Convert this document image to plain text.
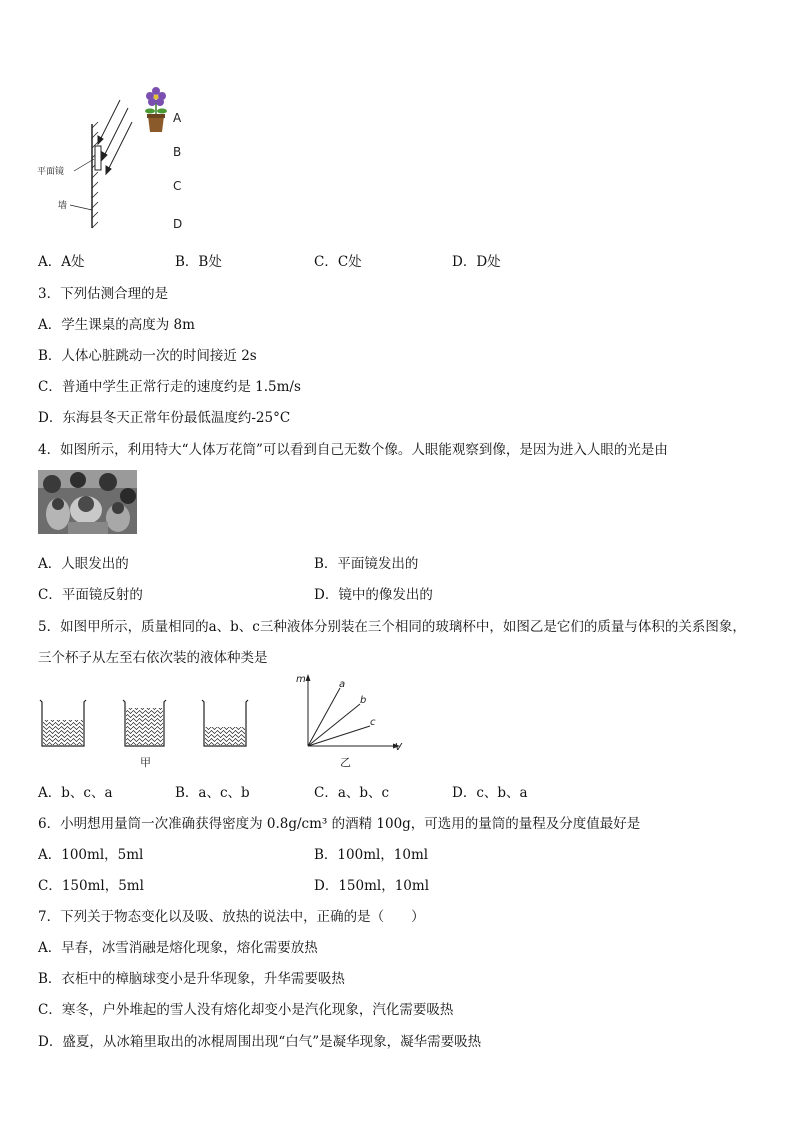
平面镜
墙
A
B
C
D
A．A处	B．B处	C．C处	D．D处
3．下列估测合理的是
A．学生课桌的高度为 8m
B．人体心脏跳动一次的时间接近 2s
C．普通中学生正常行走的速度约是 1.5m/s
D．东海县冬天正常年份最低温度约-25°C
4．如图所示，利用特大“人体万花筒”可以看到自己无数个像。人眼能观察到像，是因为进入人眼的光是由
A．人眼发出的	B．平面镜发出的
C．平面镜反射的	D．镜中的像发出的
5．如图甲所示，质量相同的a、b、c三种液体分别装在三个相同的玻璃杯中，如图乙是它们的质量与体积的关系图象，
三个杯子从左至右依次装的液体种类是
甲
m
V
a
b
c
乙
A．b、c、a	B．a、c、b	C．a、b、c	D．c、b、a
6．小明想用量筒一次准确获得密度为 0.8g/cm³ 的酒精 100g，可选用的量筒的量程及分度值最好是
A．100ml，5ml	B．100ml，10ml
C．150ml，5ml	D．150ml，10ml
7．下列关于物态变化以及吸、放热的说法中，正确的是（　　）
A．早春，冰雪消融是熔化现象，熔化需要放热
B．衣柜中的樟脑球变小是升华现象，升华需要吸热
C．寒冬，户外堆起的雪人没有熔化却变小是汽化现象，汽化需要吸热
D．盛夏，从冰箱里取出的冰棍周围出现“白气”是凝华现象，凝华需要吸热
